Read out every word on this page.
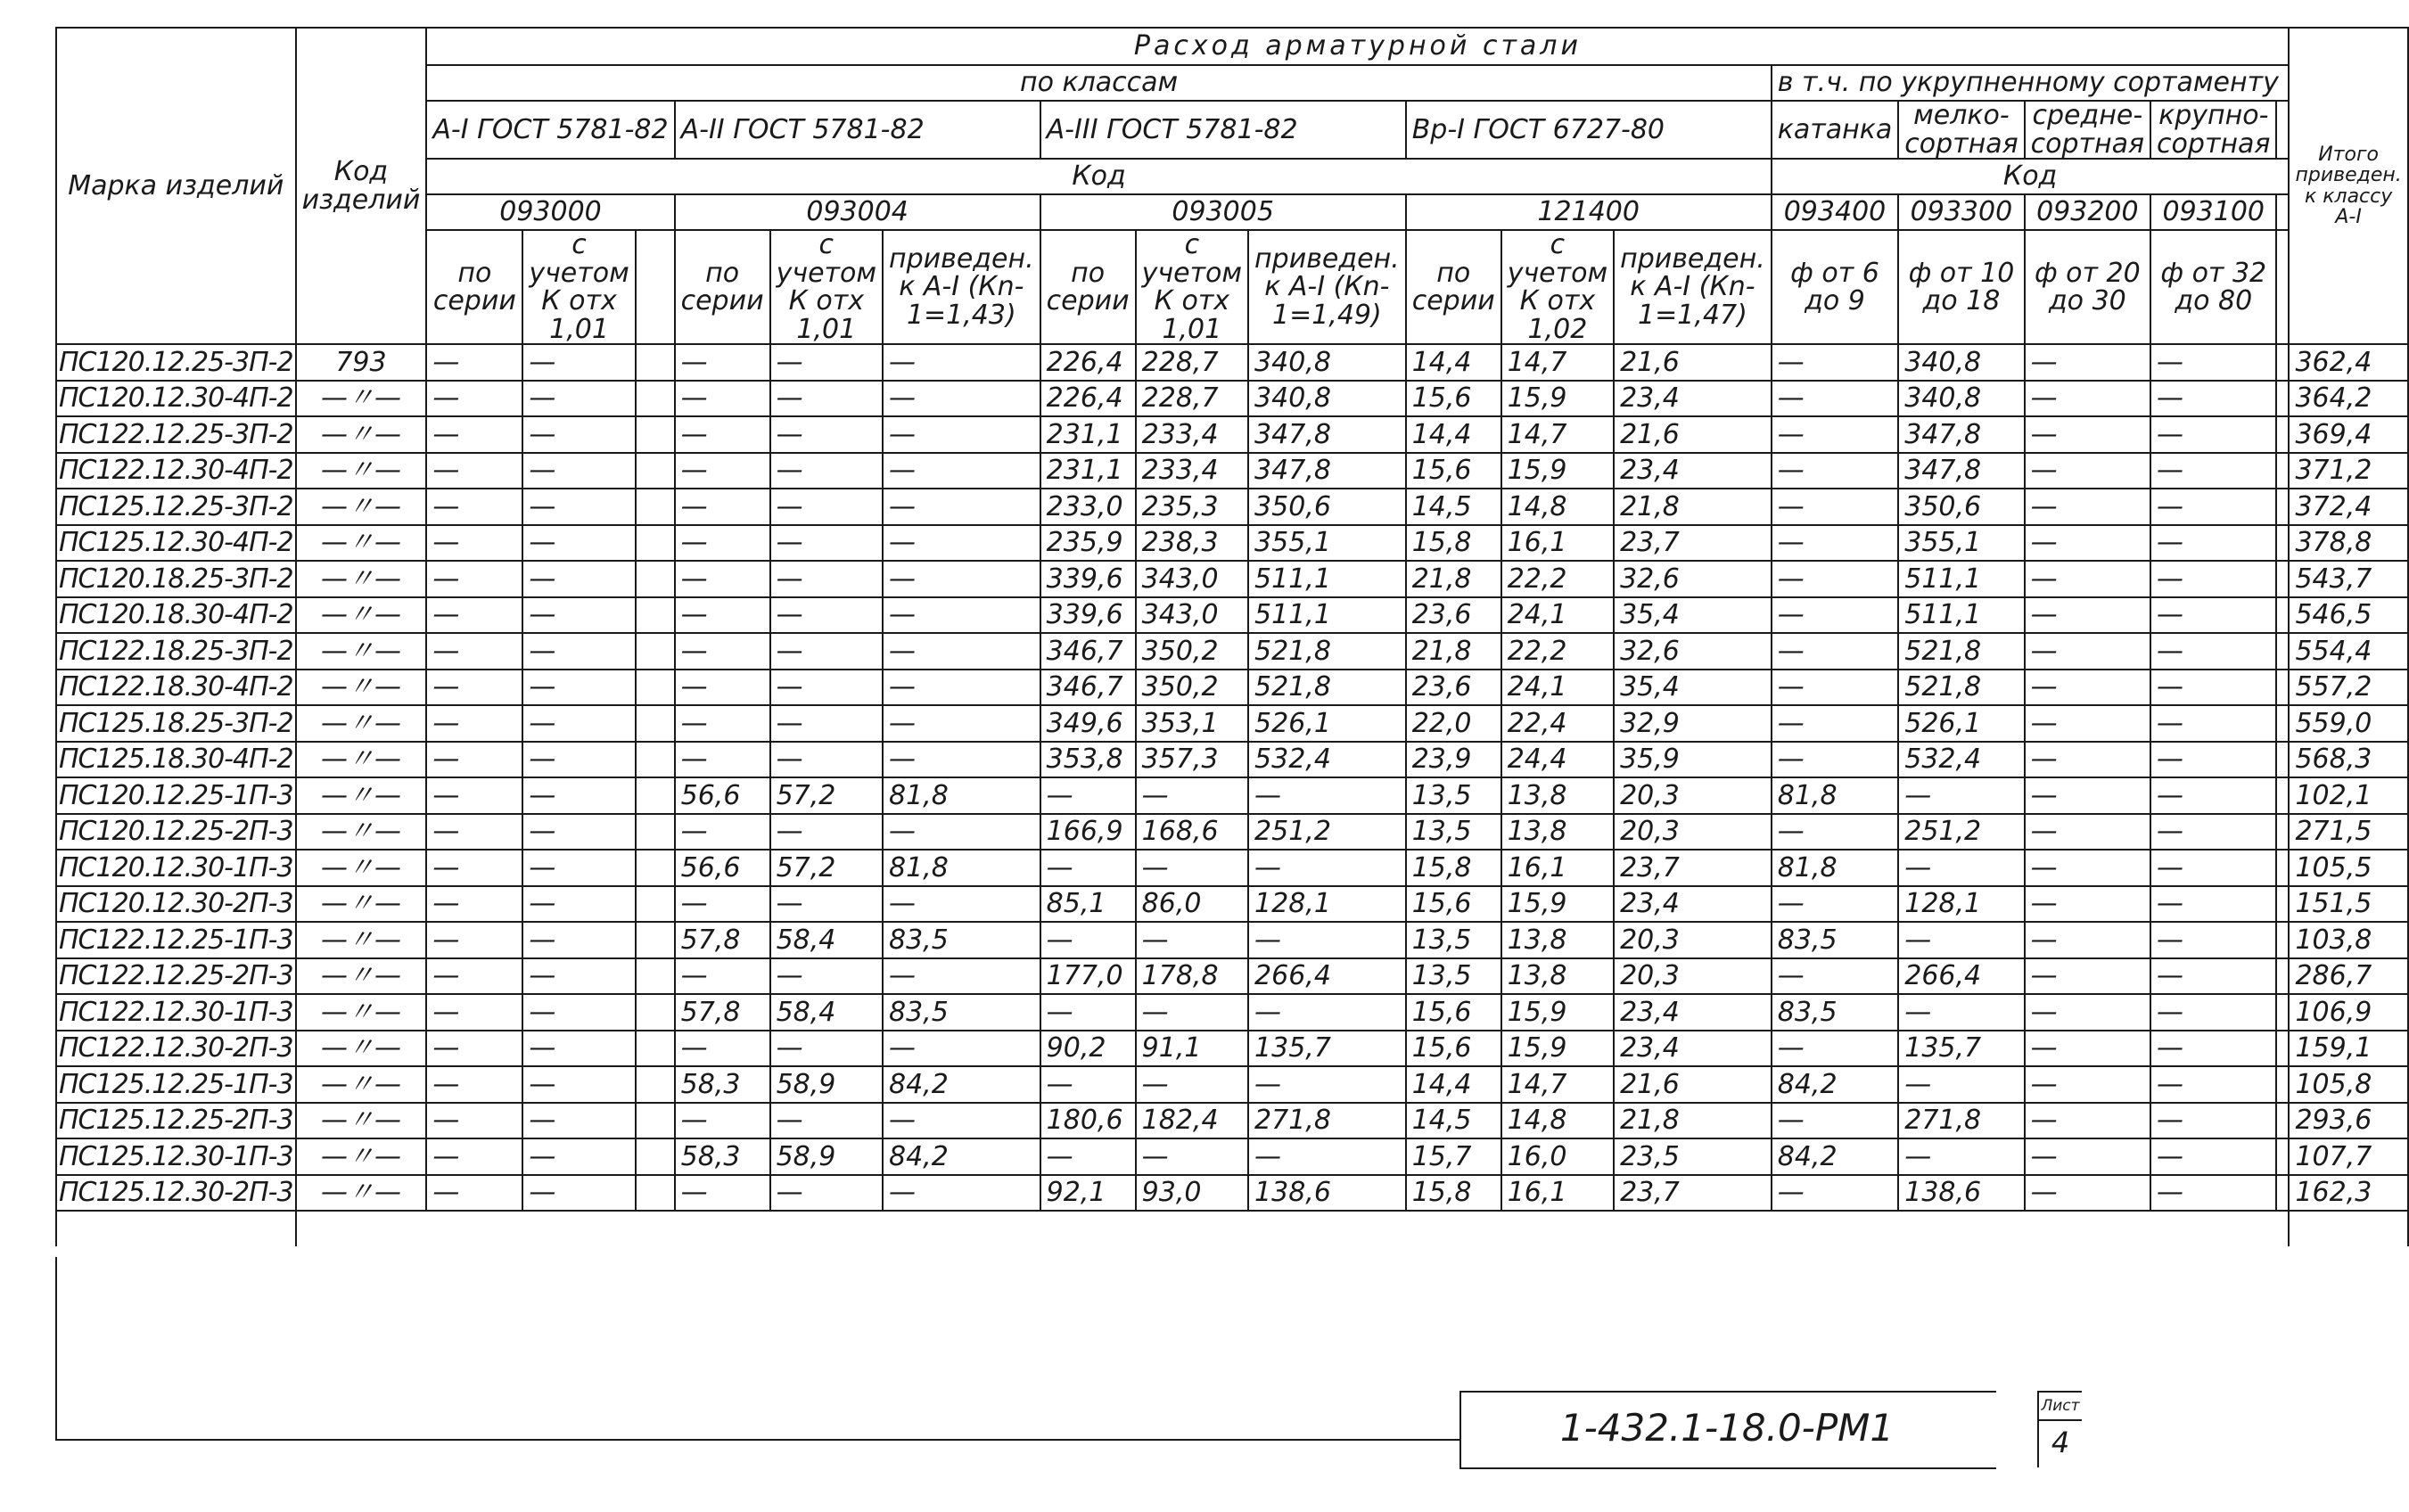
Марка изделий	Код изделий	Расход арматурной стали																	Итого приведен. к классу А-I
		по классам												в т.ч. по укрупненному сортаменту					
		А-I ГОСТ 5781-82			А-II ГОСТ 5781-82			А-III ГОСТ 5781-82			Вр-I ГОСТ 6727-80			катанка	мелко-сортная	средне-сортная	крупно-сортная		
		Код												Код					
		093000			093004			093005			121400			093400	093300	093200	093100		
		по серии	с учетом К отх 1,01		по серии	с учетом К отх 1,01	приведен. к А-I (Кn-1=1,43)	по серии	с учетом К отх 1,01	приведен. к А-I (Кn-1=1,49)	по серии	с учетом К отх 1,02	приведен. к А-I (Кn-1=1,47)	ф от 6 до 9	ф от 10 до 18	ф от 20 до 30	ф от 32 до 80		
ПС120.12.25-3П-2	793	—	—		—	—	—	226,4	228,7	340,8	14,4	14,7	21,6	—	340,8	—	—		362,4
ПС120.12.30-4П-2	—〃—	—	—		—	—	—	226,4	228,7	340,8	15,6	15,9	23,4	—	340,8	—	—		364,2
ПС122.12.25-3П-2	—〃—	—	—		—	—	—	231,1	233,4	347,8	14,4	14,7	21,6	—	347,8	—	—		369,4
ПС122.12.30-4П-2	—〃—	—	—		—	—	—	231,1	233,4	347,8	15,6	15,9	23,4	—	347,8	—	—		371,2
ПС125.12.25-3П-2	—〃—	—	—		—	—	—	233,0	235,3	350,6	14,5	14,8	21,8	—	350,6	—	—		372,4
ПС125.12.30-4П-2	—〃—	—	—		—	—	—	235,9	238,3	355,1	15,8	16,1	23,7	—	355,1	—	—		378,8
ПС120.18.25-3П-2	—〃—	—	—		—	—	—	339,6	343,0	511,1	21,8	22,2	32,6	—	511,1	—	—		543,7
ПС120.18.30-4П-2	—〃—	—	—		—	—	—	339,6	343,0	511,1	23,6	24,1	35,4	—	511,1	—	—		546,5
ПС122.18.25-3П-2	—〃—	—	—		—	—	—	346,7	350,2	521,8	21,8	22,2	32,6	—	521,8	—	—		554,4
ПС122.18.30-4П-2	—〃—	—	—		—	—	—	346,7	350,2	521,8	23,6	24,1	35,4	—	521,8	—	—		557,2
ПС125.18.25-3П-2	—〃—	—	—		—	—	—	349,6	353,1	526,1	22,0	22,4	32,9	—	526,1	—	—		559,0
ПС125.18.30-4П-2	—〃—	—	—		—	—	—	353,8	357,3	532,4	23,9	24,4	35,9	—	532,4	—	—		568,3
ПС120.12.25-1П-3	—〃—	—	—		56,6	57,2	81,8	—	—	—	13,5	13,8	20,3	81,8	—	—	—		102,1
ПС120.12.25-2П-3	—〃—	—	—		—	—	—	166,9	168,6	251,2	13,5	13,8	20,3	—	251,2	—	—		271,5
ПС120.12.30-1П-3	—〃—	—	—		56,6	57,2	81,8	—	—	—	15,8	16,1	23,7	81,8	—	—	—		105,5
ПС120.12.30-2П-3	—〃—	—	—		—	—	—	85,1	86,0	128,1	15,6	15,9	23,4	—	128,1	—	—		151,5
ПС122.12.25-1П-3	—〃—	—	—		57,8	58,4	83,5	—	—	—	13,5	13,8	20,3	83,5	—	—	—		103,8
ПС122.12.25-2П-3	—〃—	—	—		—	—	—	177,0	178,8	266,4	13,5	13,8	20,3	—	266,4	—	—		286,7
ПС122.12.30-1П-3	—〃—	—	—		57,8	58,4	83,5	—	—	—	15,6	15,9	23,4	83,5	—	—	—		106,9
ПС122.12.30-2П-3	—〃—	—	—		—	—	—	90,2	91,1	135,7	15,6	15,9	23,4	—	135,7	—	—		159,1
ПС125.12.25-1П-3	—〃—	—	—		58,3	58,9	84,2	—	—	—	14,4	14,7	21,6	84,2	—	—	—		105,8
ПС125.12.25-2П-3	—〃—	—	—		—	—	—	180,6	182,4	271,8	14,5	14,8	21,8	—	271,8	—	—		293,6
ПС125.12.30-1П-3	—〃—	—	—		58,3	58,9	84,2	—	—	—	15,7	16,0	23,5	84,2	—	—	—		107,7
ПС125.12.30-2П-3	—〃—	—	—		—	—	—	92,1	93,0	138,6	15,8	16,1	23,7	—	138,6	—	—		162,3

1-432.1-18.0-РМ1	Лист
4
